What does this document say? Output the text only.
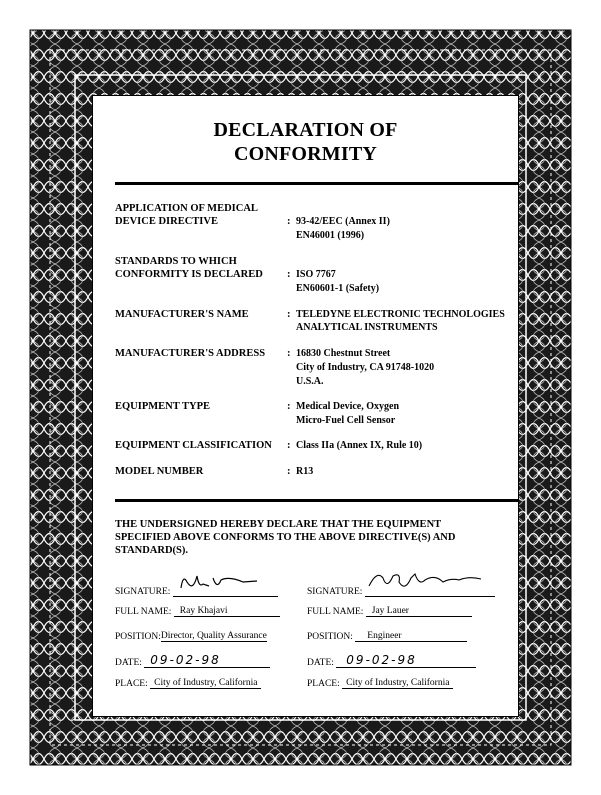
DECLARATION OF
CONFORMITY
APPLICATION OF MEDICAL
DEVICE DIRECTIVE	: 93-42/EEC (Annex II)
EN46001 (1996)
STANDARDS TO WHICH
CONFORMITY IS DECLARED : ISO 7767
EN60601-1 (Safety)
MANUFACTURER'S NAME	: TELEDYNE ELECTRONIC TECHNOLOGIES
ANALYTICAL INSTRUMENTS
MANUFACTURER'S ADDRESS : 16830 Chestnut Street
City of Industry, CA 91748-1020
U.S.A.
EQUIPMENT TYPE	: Medical Device, Oxygen
Micro-Fuel Cell Sensor
EQUIPMENT CLASSIFICATION : Class IIa (Annex IX, Rule 10)
MODEL NUMBER	: R13
THE UNDERSIGNED HEREBY DECLARE THAT THE EQUIPMENT SPECIFIED ABOVE CONFORMS TO THE ABOVE DIRECTIVE(S) AND STANDARD(S).
SIGNATURE:
FULL NAME: Ray Khajavi
POSITION:Director, Quality Assurance
DATE: 09-02-98
PLACE: City of Industry, California
SIGNATURE:
FULL NAME: Jay Lauer
POSITION: Engineer
DATE: 09-02-98
PLACE: City of Industry, California
